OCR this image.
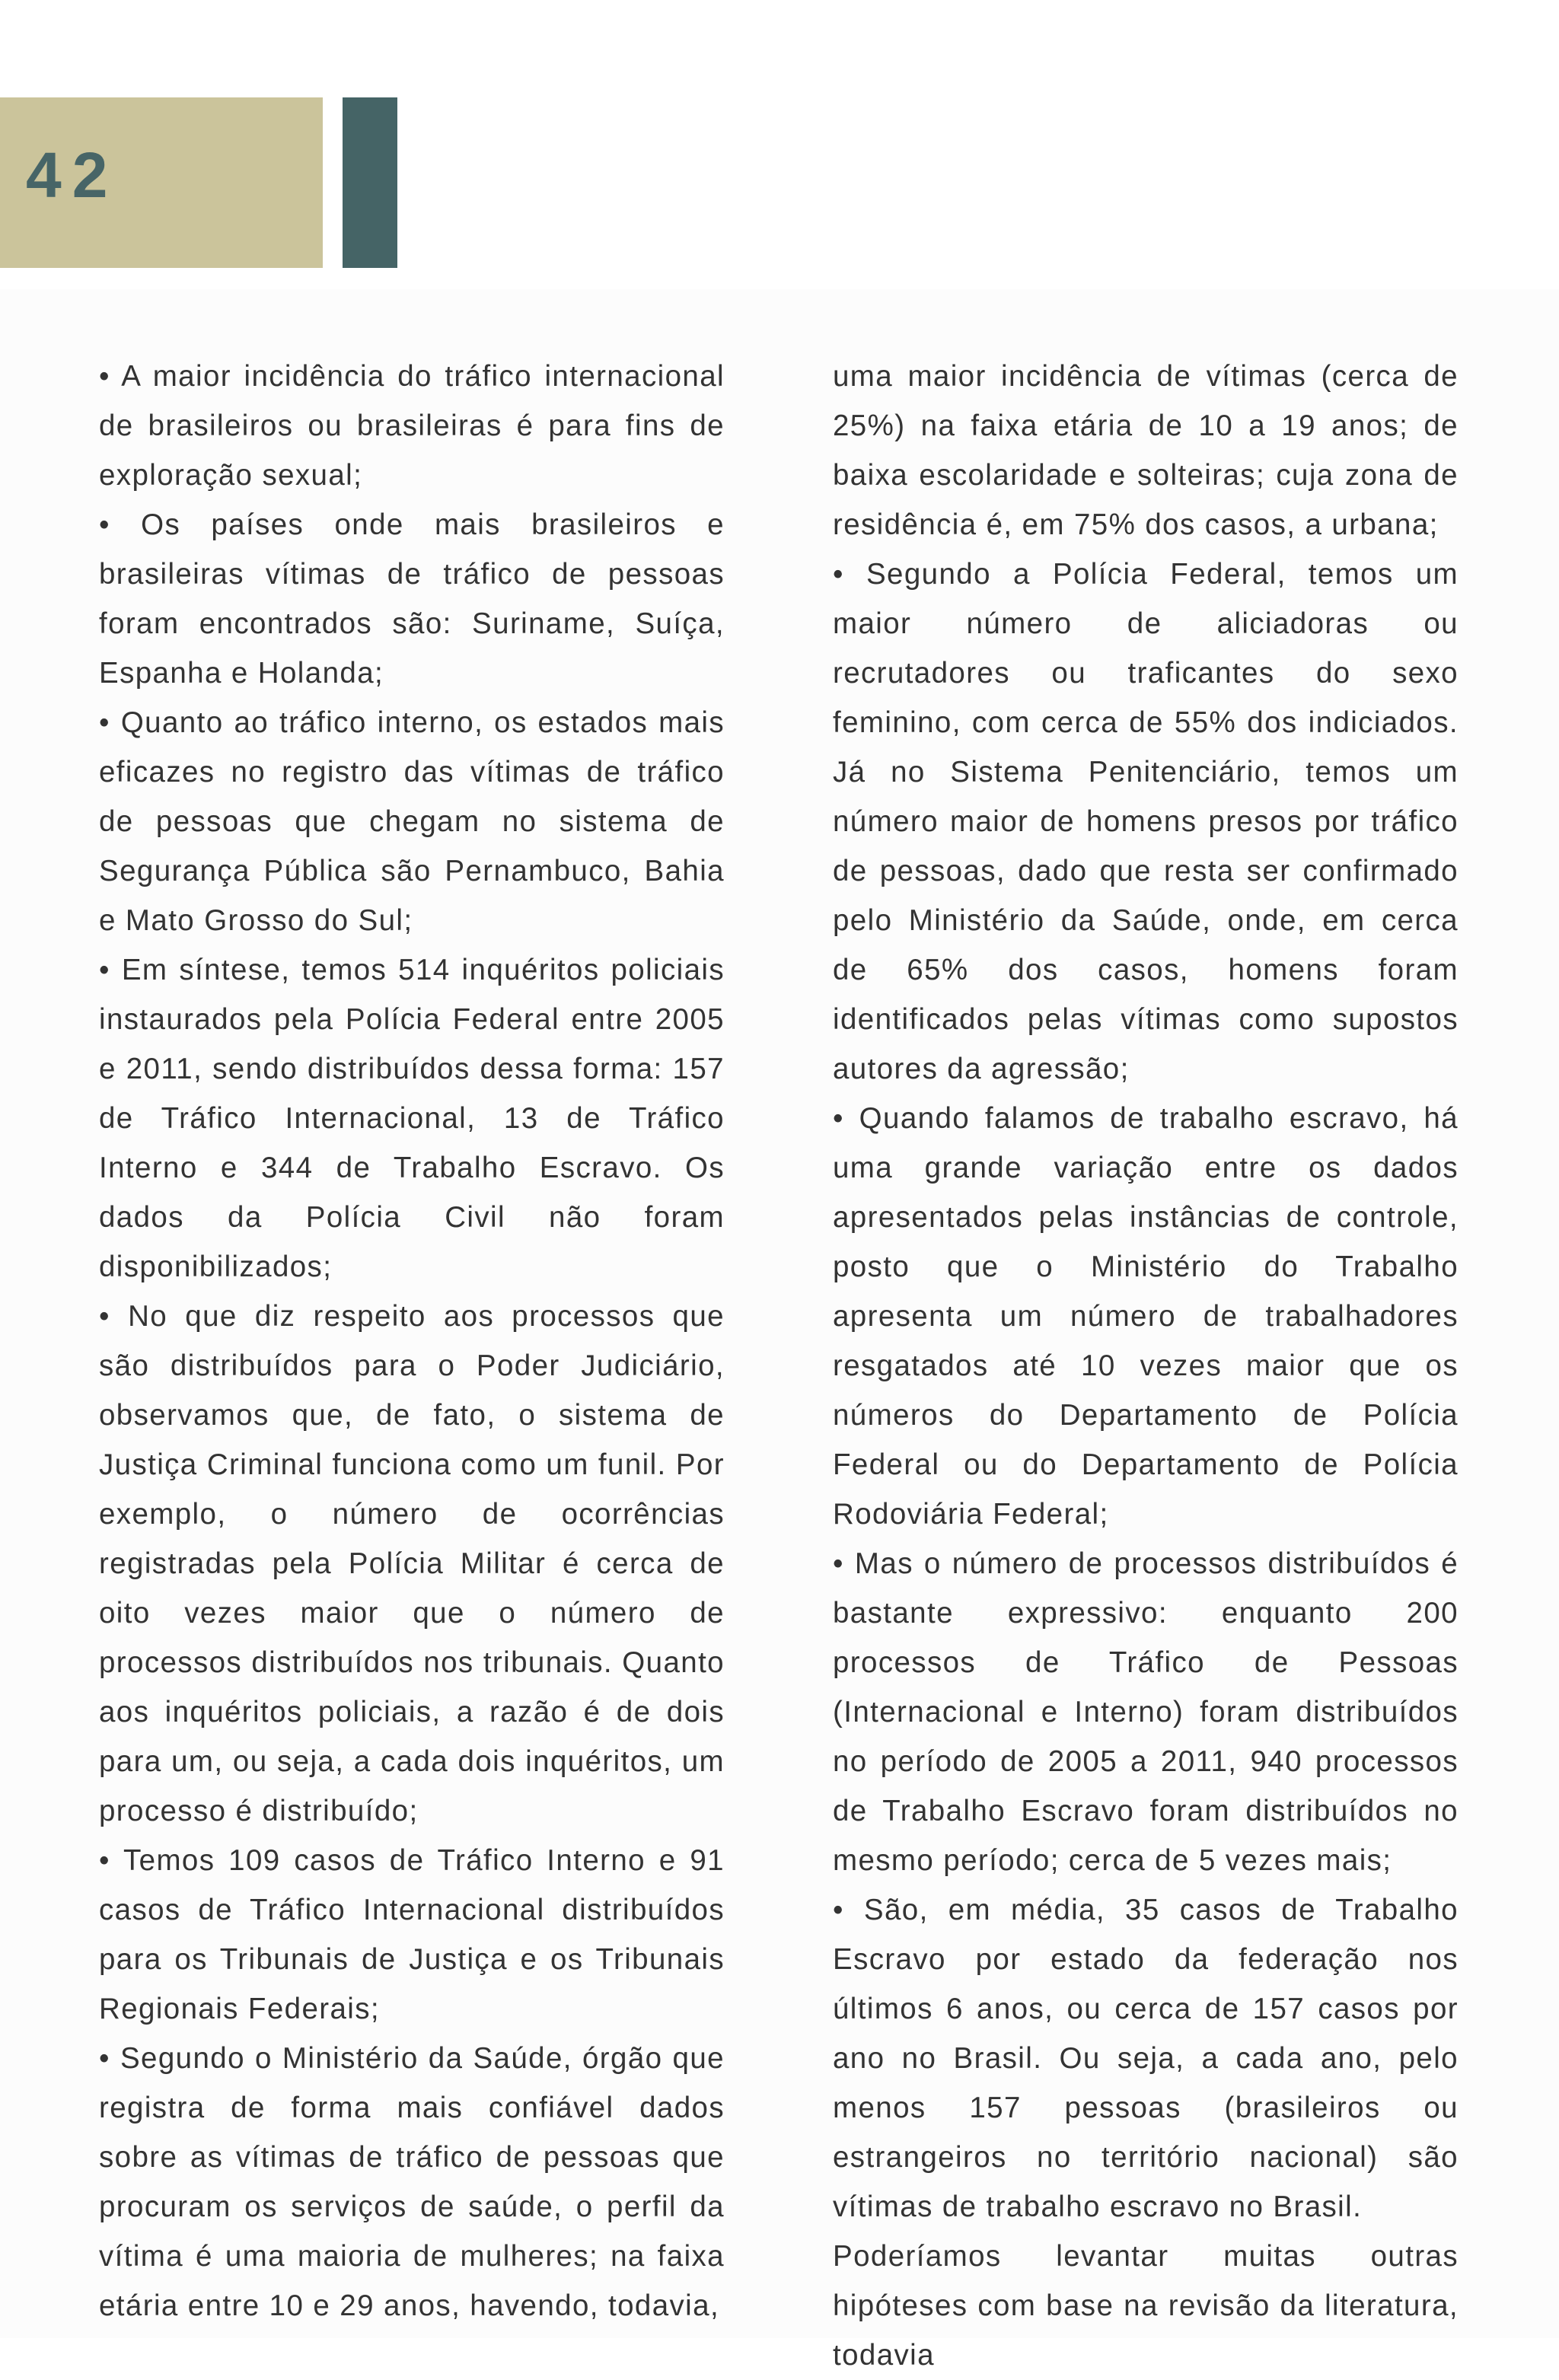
42

• A maior incidência do tráfico internacional de brasileiros ou brasileiras é para fins de exploração sexual;

• Os países onde mais brasileiros e brasileiras vítimas de tráfico de pessoas foram encontrados são: Suriname, Suíça, Espanha e Holanda;

• Quanto ao tráfico interno, os estados mais eficazes no registro das vítimas de tráfico de pessoas que chegam no sistema de Segurança Pública são Pernambuco, Bahia e Mato Grosso do Sul;

• Em síntese, temos 514 inquéritos policiais instaurados pela Polícia Federal entre 2005 e 2011, sendo distribuídos dessa forma: 157 de Tráfico Internacional, 13 de Tráfico Interno e 344 de Trabalho Escravo. Os dados da Polícia Civil não foram disponibilizados;

• No que diz respeito aos processos que são distribuídos para o Poder Judiciário, observamos que, de fato, o sistema de Justiça Criminal funciona como um funil. Por exemplo, o número de ocorrências registradas pela Polícia Militar é cerca de oito vezes maior que o número de processos distribuídos nos tribunais. Quanto aos inquéritos policiais, a razão é de dois para um, ou seja, a cada dois inquéritos, um processo é distribuído;

• Temos 109 casos de Tráfico Interno e 91 casos de Tráfico Internacional distribuídos para os Tribunais de Justiça e os Tribunais Regionais Federais;

• Segundo o Ministério da Saúde, órgão que registra de forma mais confiável dados sobre as vítimas de tráfico de pessoas que procuram os serviços de saúde, o perfil da vítima é uma maioria de mulheres; na faixa etária entre 10 e 29 anos, havendo, todavia,

uma maior incidência de vítimas (cerca de 25%) na faixa etária de 10 a 19 anos; de baixa escolaridade e solteiras; cuja zona de residência é, em 75% dos casos, a urbana;

• Segundo a Polícia Federal, temos um maior número de aliciadoras ou recrutadores ou traficantes do sexo feminino, com cerca de 55% dos indiciados. Já no Sistema Penitenciário, temos um número maior de homens presos por tráfico de pessoas, dado que resta ser confirmado pelo Ministério da Saúde, onde, em cerca de 65% dos casos, homens foram identificados pelas vítimas como supostos autores da agressão;

• Quando falamos de trabalho escravo, há uma grande variação entre os dados apresentados pelas instâncias de controle, posto que o Ministério do Trabalho apresenta um número de trabalhadores resgatados até 10 vezes maior que os números do Departamento de Polícia Federal ou do Departamento de Polícia Rodoviária Federal;

• Mas o número de processos distribuídos é bastante expressivo: enquanto 200 processos de Tráfico de Pessoas (Internacional e Interno) foram distribuídos no período de 2005 a 2011, 940 processos de Trabalho Escravo foram distribuídos no mesmo período; cerca de 5 vezes mais;

• São, em média, 35 casos de Trabalho Escravo por estado da federação nos últimos 6 anos, ou cerca de 157 casos por ano no Brasil. Ou seja, a cada ano, pelo menos 157 pessoas (brasileiros ou estrangeiros no território nacional) são vítimas de trabalho escravo no Brasil.

Poderíamos levantar muitas outras hipóteses com base na revisão da literatura, todavia
